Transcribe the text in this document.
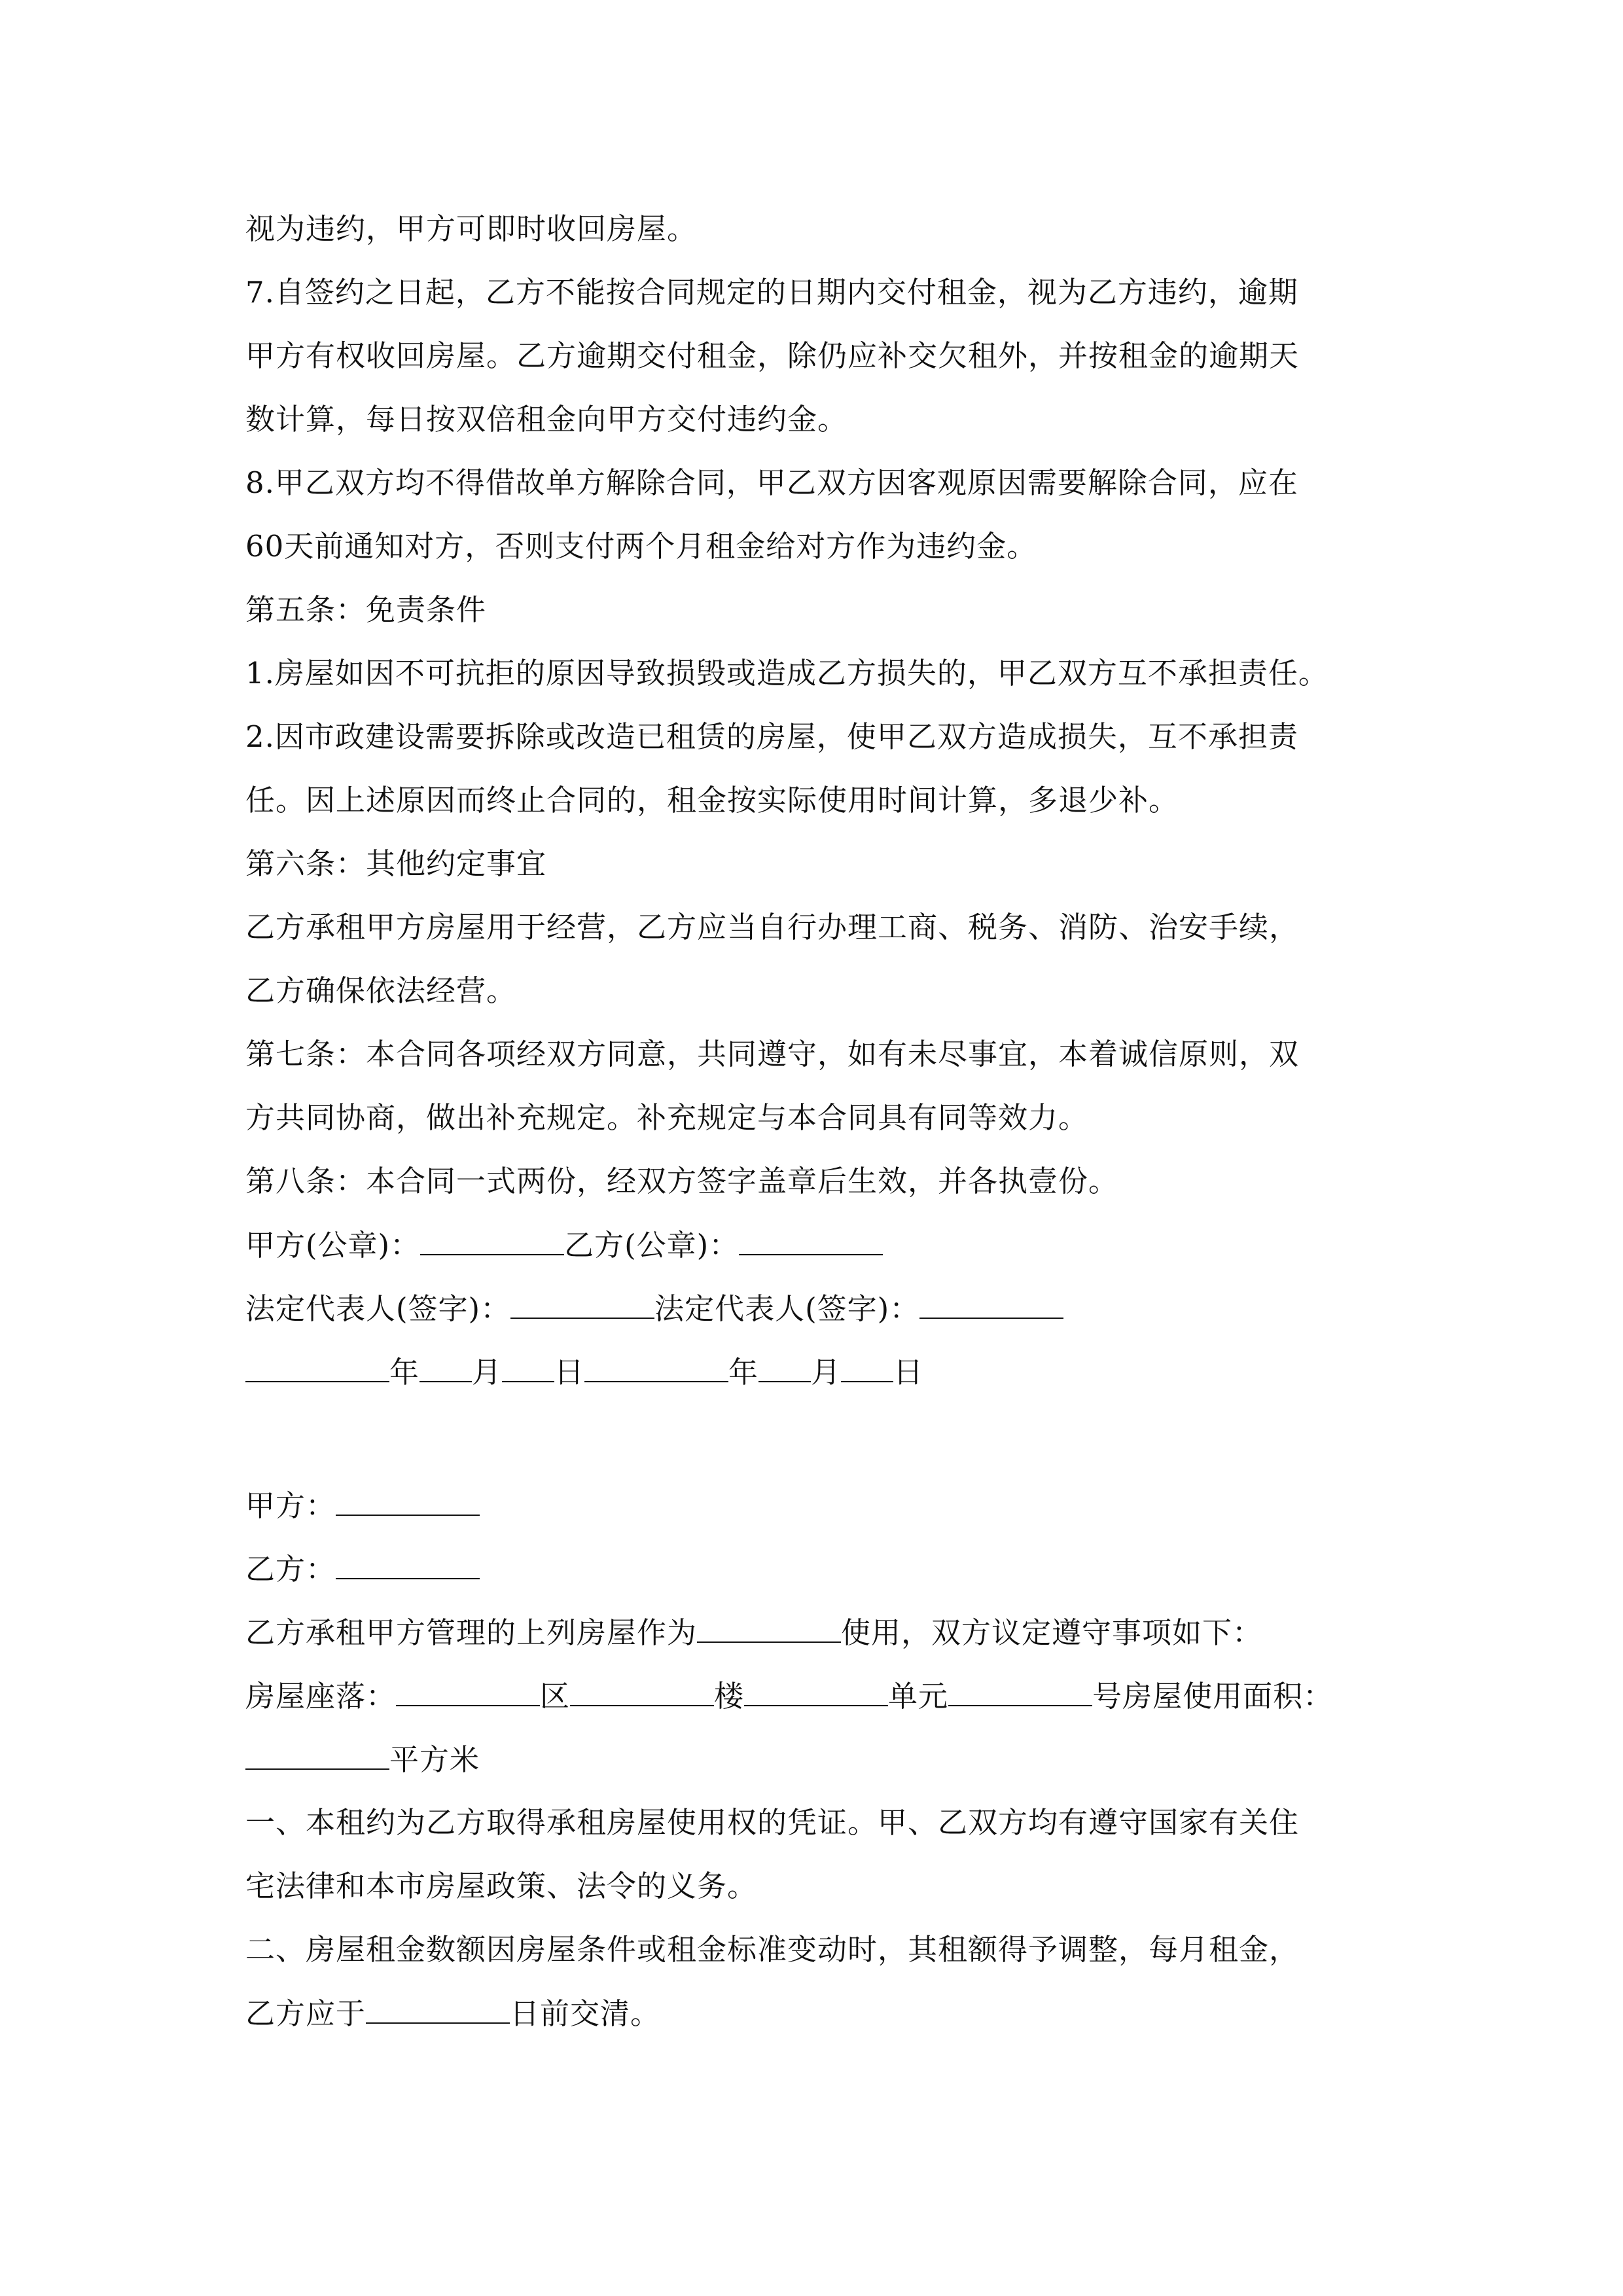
视为违约，甲方可即时收回房屋。
7.自签约之日起，乙方不能按合同规定的日期内交付租金，视为乙方违约，逾期
甲方有权收回房屋。乙方逾期交付租金，除仍应补交欠租外，并按租金的逾期天
数计算，每日按双倍租金向甲方交付违约金。
8.甲乙双方均不得借故单方解除合同，甲乙双方因客观原因需要解除合同，应在
60天前通知对方，否则支付两个月租金给对方作为违约金。
第五条：免责条件
1.房屋如因不可抗拒的原因导致损毁或造成乙方损失的，甲乙双方互不承担责任。
2.因市政建设需要拆除或改造已租赁的房屋，使甲乙双方造成损失，互不承担责
任。因上述原因而终止合同的，租金按实际使用时间计算，多退少补。
第六条：其他约定事宜
乙方承租甲方房屋用于经营，乙方应当自行办理工商、税务、消防、治安手续，
乙方确保依法经营。
第七条：本合同各项经双方同意，共同遵守，如有未尽事宜，本着诚信原则，双
方共同协商，做出补充规定。补充规定与本合同具有同等效力。
第八条：本合同一式两份，经双方签字盖章后生效，并各执壹份。
甲方(公章)：	乙方(公章)：
法定代表人(签字)：	法定代表人(签字)：
年 月 日	年 月 日
甲方：
乙方：
乙方承租甲方管理的上列房屋作为	使用，双方议定遵守事项如下：
房屋座落：	区	楼	单元	号房屋使用面积：
平方米
一、本租约为乙方取得承租房屋使用权的凭证。甲、乙双方均有遵守国家有关住
宅法律和本市房屋政策、法令的义务。
二、房屋租金数额因房屋条件或租金标准变动时，其租额得予调整，每月租金，
乙方应于	日前交清。
